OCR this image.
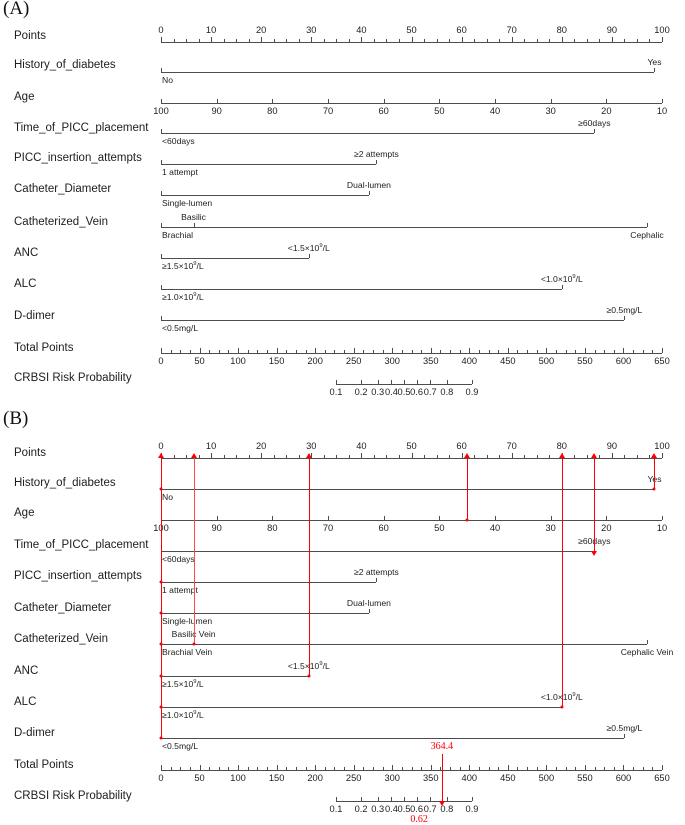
(A)
Points
History_of_diabetes
Age
Time_of_PICC_placement
PICC_insertion_attempts
Catheter_Diameter
Catheterized_Vein
ANC
ALC
D-dimer
Total Points
CRBSI Risk Probability
0	10	20	30	40	50	60	70	80	90	100
No
Yes
100	90	80	70	60	50	40	30	20	10
<60days
≥60days
1 attempt
≥2 attempts
Single-lumen
Dual-lumen
Brachial	Cephalic
Basilic
$\ge 1.5\times 10^9/L$
$<1.5\times 10^9/L$
$\ge 1.0\times 10^9/L$
$<1.0\times 10^9/L$
<0.5mg/L
≥0.5mg/L
0	50	100 150 200 250 300 350 400 450 500 550 600 650
0.1 0.2 0.3 0.4 0.5 0.6 0.7 0.8 0.9
(B)
Points
History_of_diabetes
Age
Time_of_PICC_placement
PICC_insertion_attempts
Catheter_Diameter
Catheterized_Vein
ANC
ALC
D-dimer
Total Points
CRBSI Risk Probability
0	10	20	30	40	50	60	70	80	90	100
No
Yes
100	90	80	70	60	50	40	30	20	10
<60days
≥60days
1 attempt
≥2 attempts
Single-lumen
Dual-lumen
Brachial Vein	Cephalic Vein
Basilic Vein
$\ge 1.5\times 10^9/L$
$<1.5\times 10^9/L$
$\ge 1.0\times 10^9/L$
$<1.0\times 10^9/L$
<0.5mg/L
≥0.5mg/L
0	50	100 150 200 250 300 350 400 450 500 550 600 650
0.1 0.2 0.3 0.4 0.5 0.6 0.7 0.8 0.9
364.4
0.62
